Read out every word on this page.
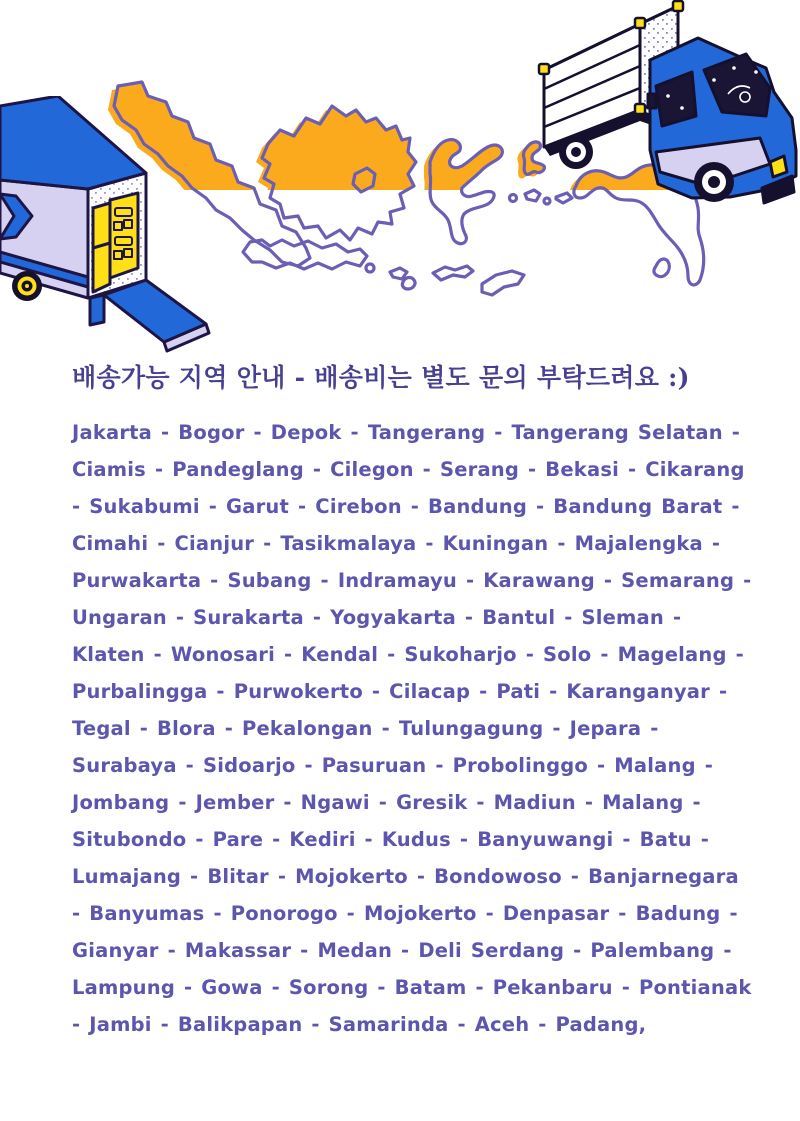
배송가능 지역 안내 - 배송비는 별도 문의 부탁드려요 :)
Jakarta - Bogor - Depok - Tangerang - Tangerang Selatan -
Ciamis - Pandeglang - Cilegon - Serang - Bekasi - Cikarang
- Sukabumi - Garut - Cirebon - Bandung - Bandung Barat -
Cimahi - Cianjur - Tasikmalaya - Kuningan - Majalengka -
Purwakarta - Subang - Indramayu - Karawang - Semarang -
Ungaran - Surakarta - Yogyakarta - Bantul - Sleman -
Klaten - Wonosari - Kendal - Sukoharjo - Solo - Magelang -
Purbalingga - Purwokerto - Cilacap - Pati - Karanganyar -
Tegal - Blora - Pekalongan - Tulungagung - Jepara -
Surabaya - Sidoarjo - Pasuruan - Probolinggo - Malang -
Jombang - Jember - Ngawi - Gresik - Madiun - Malang -
Situbondo - Pare - Kediri - Kudus - Banyuwangi - Batu -
Lumajang - Blitar - Mojokerto - Bondowoso - Banjarnegara
- Banyumas - Ponorogo - Mojokerto - Denpasar - Badung -
Gianyar - Makassar - Medan - Deli Serdang - Palembang -
Lampung - Gowa - Sorong - Batam - Pekanbaru - Pontianak
- Jambi - Balikpapan - Samarinda - Aceh - Padang,
